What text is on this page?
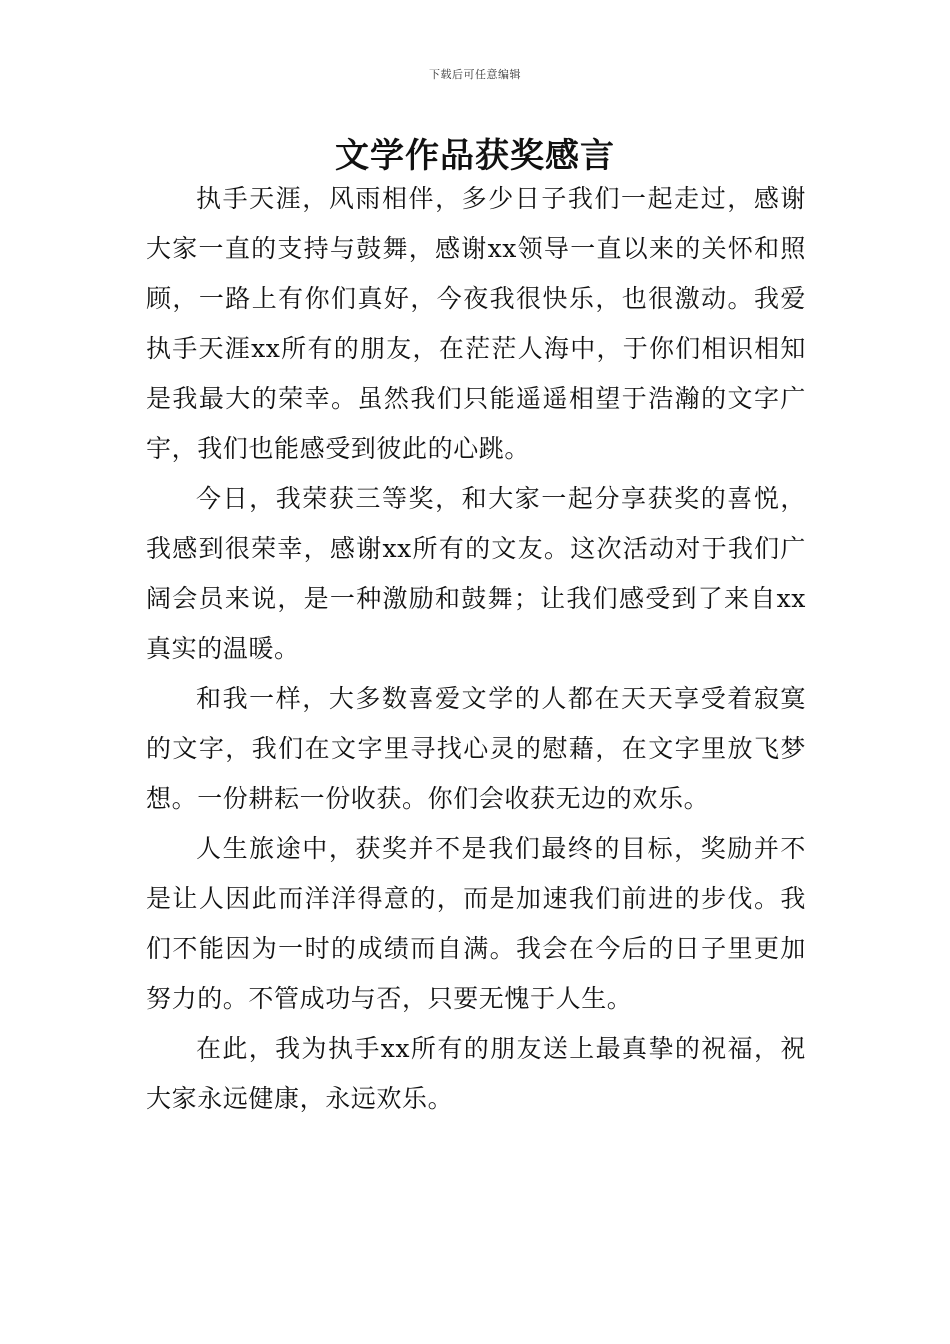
下载后可任意编辑
文学作品获奖感言

执手天涯，风雨相伴，多少日子我们一起走过，感谢大家一直的支持与鼓舞，感谢xx领导一直以来的关怀和照顾，一路上有你们真好，今夜我很快乐，也很激动。我爱执手天涯xx所有的朋友，在茫茫人海中，于你们相识相知是我最大的荣幸。虽然我们只能遥遥相望于浩瀚的文字广宇，我们也能感受到彼此的心跳。

今日，我荣获三等奖，和大家一起分享获奖的喜悦，我感到很荣幸，感谢xx所有的文友。这次活动对于我们广阔会员来说，是一种激励和鼓舞；让我们感受到了来自xx真实的温暖。

和我一样，大多数喜爱文学的人都在天天享受着寂寞的文字，我们在文字里寻找心灵的慰藉，在文字里放飞梦想。一份耕耘一份收获。你们会收获无边的欢乐。

人生旅途中，获奖并不是我们最终的目标，奖励并不是让人因此而洋洋得意的，而是加速我们前进的步伐。我们不能因为一时的成绩而自满。我会在今后的日子里更加努力的。不管成功与否，只要无愧于人生。

在此，我为执手xx所有的朋友送上最真挚的祝福，祝大家永远健康，永远欢乐。
